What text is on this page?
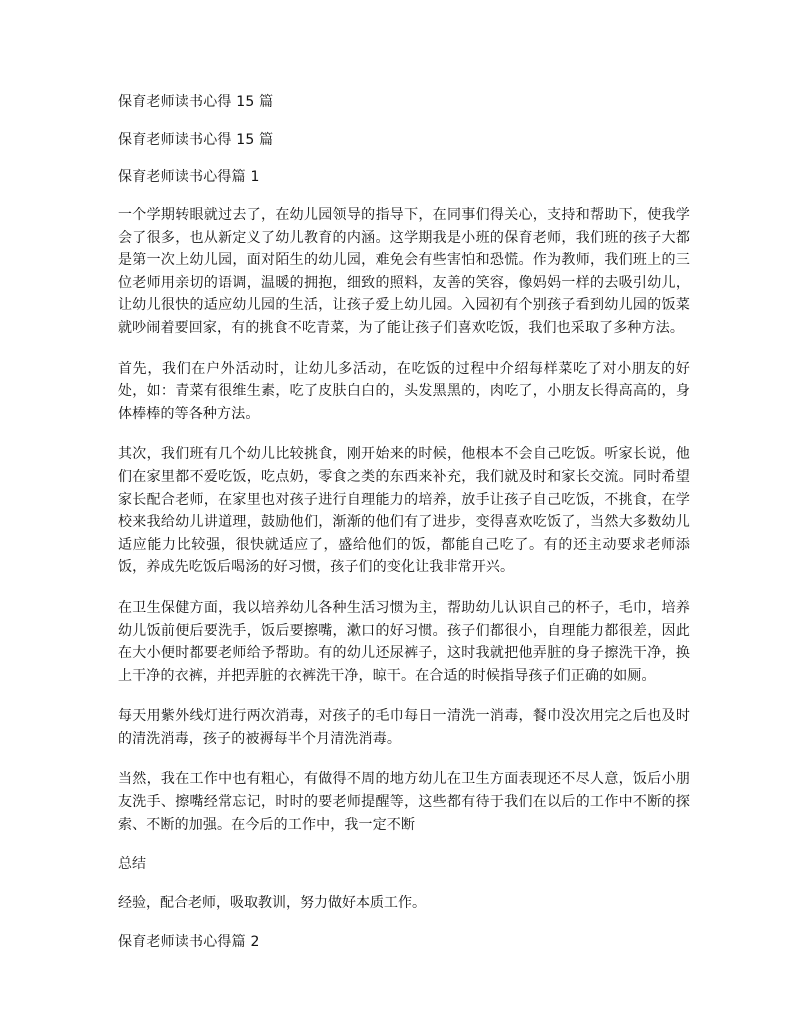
保育老师读书心得 15 篇

保育老师读书心得 15 篇

保育老师读书心得篇 1

一个学期转眼就过去了，在幼儿园领导的指导下，在同事们得关心，支持和帮助下，使我学会了很多，也从新定义了幼儿教育的内涵。这学期我是小班的保育老师，我们班的孩子大都是第一次上幼儿园，面对陌生的幼儿园，难免会有些害怕和恐慌。作为教师，我们班上的三位老师用亲切的语调，温暖的拥抱，细致的照料，友善的笑容，像妈妈一样的去吸引幼儿，让幼儿很快的适应幼儿园的生活，让孩子爱上幼儿园。入园初有个别孩子看到幼儿园的饭菜就吵闹着要回家，有的挑食不吃青菜，为了能让孩子们喜欢吃饭，我们也采取了多种方法。

首先，我们在户外活动时，让幼儿多活动，在吃饭的过程中介绍每样菜吃了对小朋友的好处，如：青菜有很维生素，吃了皮肤白白的，头发黑黑的，肉吃了，小朋友长得高高的，身体棒棒的等各种方法。

其次，我们班有几个幼儿比较挑食，刚开始来的时候，他根本不会自己吃饭。听家长说，他们在家里都不爱吃饭，吃点奶，零食之类的东西来补充，我们就及时和家长交流。同时希望家长配合老师，在家里也对孩子进行自理能力的培养，放手让孩子自己吃饭，不挑食，在学校来我给幼儿讲道理，鼓励他们，渐渐的他们有了进步，变得喜欢吃饭了，当然大多数幼儿适应能力比较强，很快就适应了，盛给他们的饭，都能自己吃了。有的还主动要求老师添饭，养成先吃饭后喝汤的好习惯，孩子们的变化让我非常开兴。

在卫生保健方面，我以培养幼儿各种生活习惯为主，帮助幼儿认识自己的杯子，毛巾，培养幼儿饭前便后要洗手，饭后要擦嘴，漱口的好习惯。孩子们都很小，自理能力都很差，因此在大小便时都要老师给予帮助。有的幼儿还尿裤子，这时我就把他弄脏的身子擦洗干净，换上干净的衣裤，并把弄脏的衣裤洗干净，晾干。在合适的时候指导孩子们正确的如厕。

每天用紫外线灯进行两次消毒，对孩子的毛巾每日一清洗一消毒，餐巾没次用完之后也及时的清洗消毒，孩子的被褥每半个月清洗消毒。

当然，我在工作中也有粗心，有做得不周的地方幼儿在卫生方面表现还不尽人意，饭后小朋友洗手、擦嘴经常忘记，时时的要老师提醒等，这些都有待于我们在以后的工作中不断的探索、不断的加强。在今后的工作中，我一定不断

总结

经验，配合老师，吸取教训，努力做好本质工作。

保育老师读书心得篇 2
